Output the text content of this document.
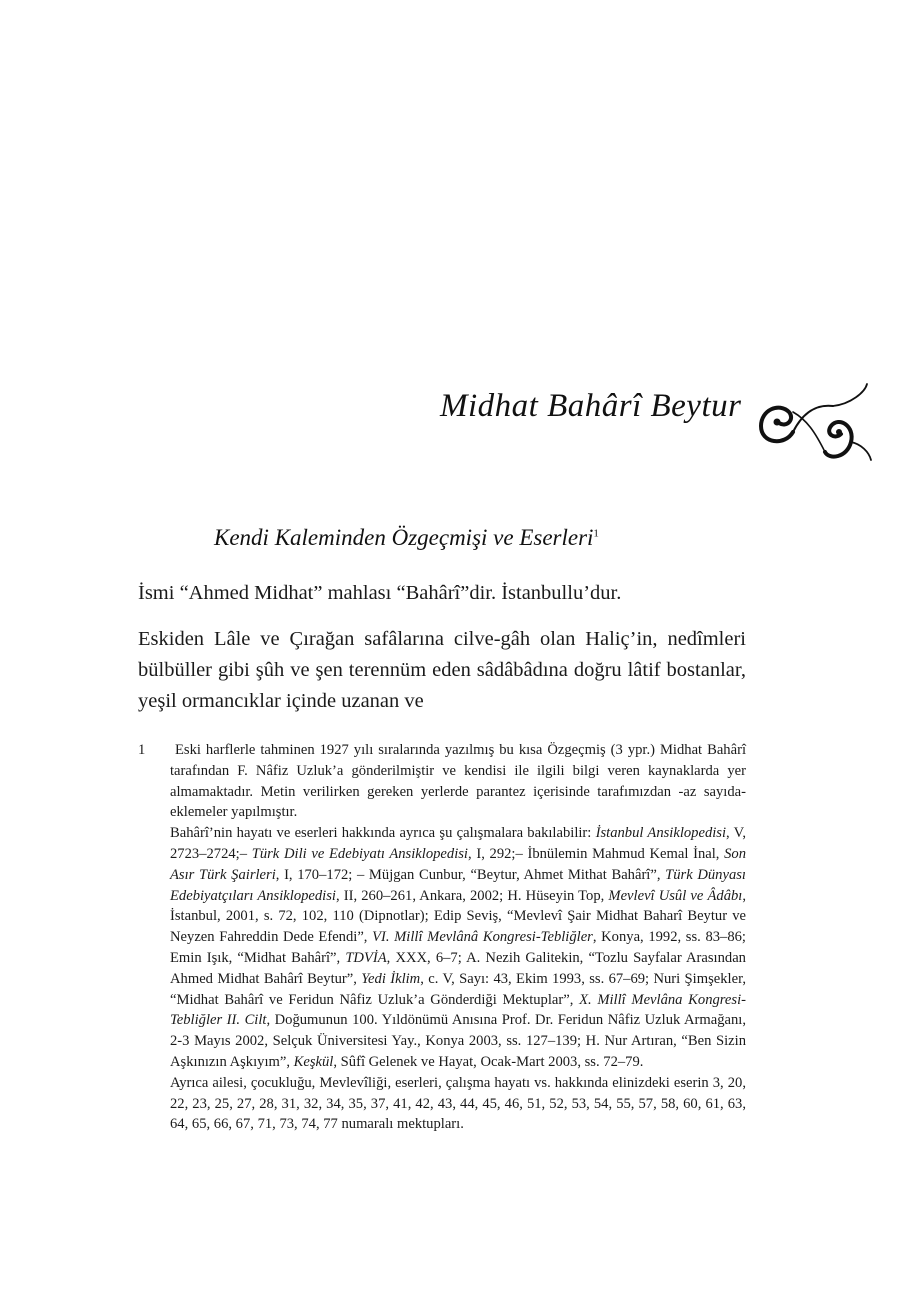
Midhat Bahârî Beytur
Kendi Kaleminden Özgeçmişi ve Eserleri$^1$
İsmi “Ahmed Midhat” mahlası “Bahârî”dir. İstanbullu’dur.
Eskiden Lâle ve Çırağan safâlarına cilve-gâh olan Haliç’in, nedîmleri bülbüller gibi şûh ve şen terennüm eden sâdâbâdına doğru lâtif bostanlar, yeşil ormancıklar içinde uzanan ve
1	Eski harflerle tahminen 1927 yılı sıralarında yazılmış bu kısa Özgeçmiş (3 ypr.) Midhat Bahârî tarafından F. Nâfiz Uzluk’a gönderilmiştir ve kendisi ile ilgili bilgi veren kaynaklarda yer almamaktadır. Metin verilirken gereken yerlerde parantez içerisinde tarafımızdan -az sayıda- eklemeler yapılmıştır.

Bahârî’nin hayatı ve eserleri hakkında ayrıca şu çalışmalara bakılabilir: İstanbul Ansiklopedisi, V, 2723–2724;– Türk Dili ve Edebiyatı Ansiklopedisi, I, 292;– İbnülemin Mahmud Kemal İnal, Son Asır Türk Şairleri, I, 170–172; – Müjgan Cunbur, “Beytur, Ahmet Mithat Bahârî”, Türk Dünyası Edebiyatçıları Ansiklopedisi, II, 260–261, Ankara, 2002; H. Hüseyin Top, Mevlevî Usûl ve Âdâbı, İstanbul, 2001, s. 72, 102, 110 (Dipnotlar); Edip Seviş, “Mevlevî Şair Midhat Baharî Beytur ve Neyzen Fahreddin Dede Efendi”, VI. Millî Mevlânâ Kongresi-Tebliğler, Konya, 1992, ss. 83–86; Emin Işık, “Midhat Bahârî”, TDVİA, XXX, 6–7; A. Nezih Galitekin, “Tozlu Sayfalar Arasından Ahmed Midhat Bahârî Beytur”, Yedi İklim, c. V, Sayı: 43, Ekim 1993, ss. 67–69; Nuri Şimşekler, “Midhat Bahârî ve Feridun Nâfiz Uzluk’a Gönderdiği Mektuplar”, X. Millî Mevlâna Kongresi-Tebliğler II. Cilt, Doğumunun 100. Yıldönümü Anısına Prof. Dr. Feridun Nâfiz Uzluk Armağanı, 2-3 Mayıs 2002, Selçuk Üniversitesi Yay., Konya 2003, ss. 127–139; H. Nur Artıran, “Ben Sizin Aşkınızın Aşkıyım”, Keşkül, Sûfî Gelenek ve Hayat, Ocak-Mart 2003, ss. 72–79.

Ayrıca ailesi, çocukluğu, Mevlevîliği, eserleri, çalışma hayatı vs. hakkında elinizdeki eserin 3, 20, 22, 23, 25, 27, 28, 31, 32, 34, 35, 37, 41, 42, 43, 44, 45, 46, 51, 52, 53, 54, 55, 57, 58, 60, 61, 63, 64, 65, 66, 67, 71, 73, 74, 77 numaralı mektupları.
